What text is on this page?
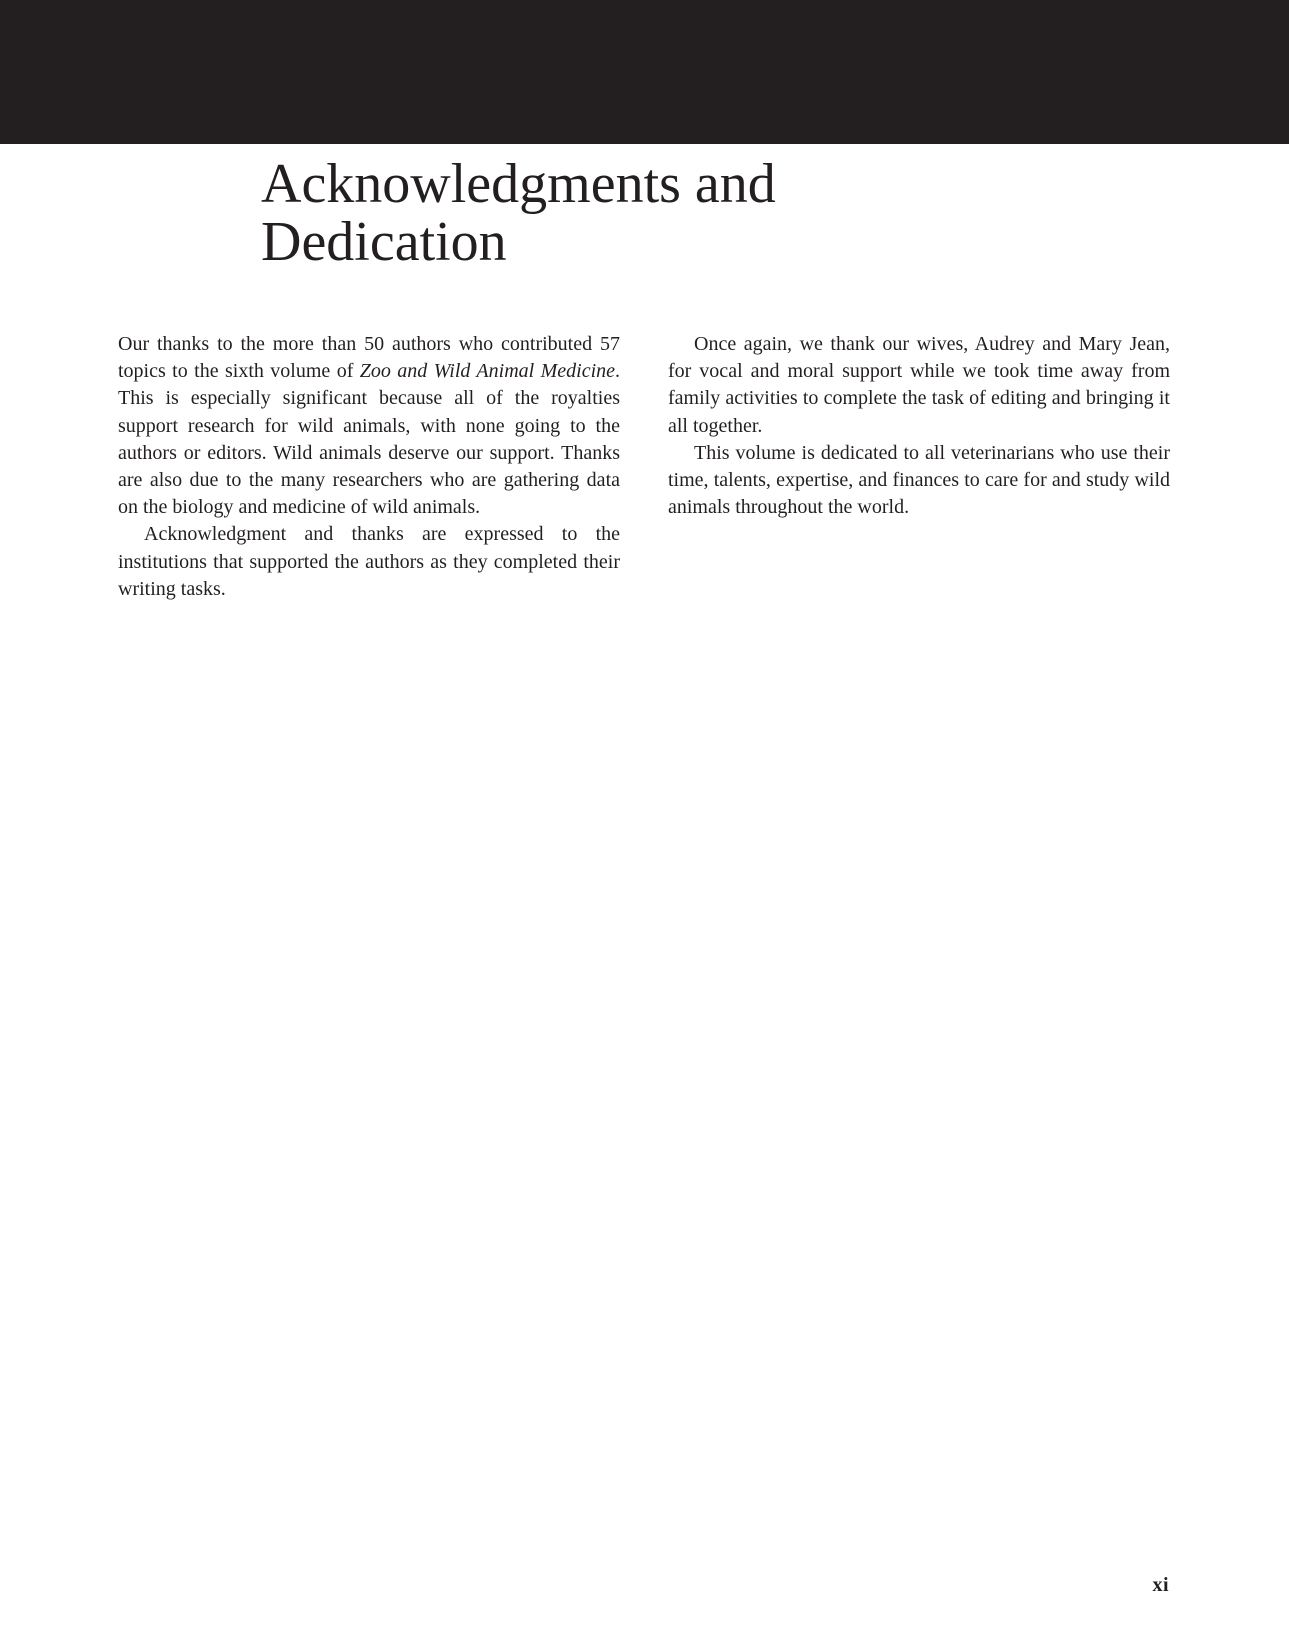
Acknowledgments and
Dedication

Our thanks to the more than 50 authors who contributed 57 topics to the sixth volume of Zoo and Wild Animal Medicine. This is especially significant because all of the royalties support research for wild animals, with none going to the authors or editors. Wild animals deserve our support. Thanks are also due to the many researchers who are gathering data on the biology and medicine of wild animals.

Acknowledgment and thanks are expressed to the institutions that supported the authors as they completed their writing tasks.

Once again, we thank our wives, Audrey and Mary Jean, for vocal and moral support while we took time away from family activities to complete the task of editing and bringing it all together.

This volume is dedicated to all veterinarians who use their time, talents, expertise, and finances to care for and study wild animals throughout the world.

xi
